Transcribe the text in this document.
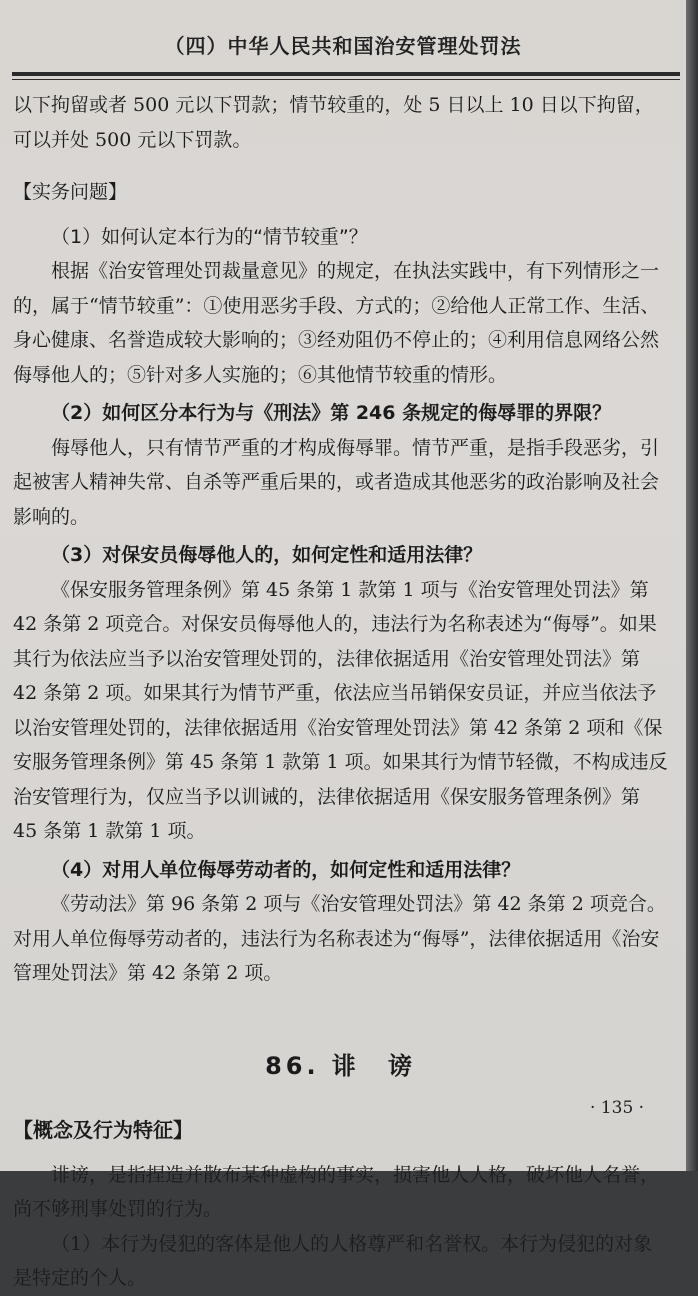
（四）中华人民共和国治安管理处罚法

以下拘留或者 500 元以下罚款；情节较重的，处 5 日以上 10 日以下拘留，可以并处 500 元以下罚款。

【实务问题】

（1）如何认定本行为的“情节较重”？

根据《治安管理处罚裁量意见》的规定，在执法实践中，有下列情形之一的，属于“情节较重”：①使用恶劣手段、方式的；②给他人正常工作、生活、身心健康、名誉造成较大影响的；③经劝阻仍不停止的；④利用信息网络公然侮辱他人的；⑤针对多人实施的；⑥其他情节较重的情形。

（2）如何区分本行为与《刑法》第 246 条规定的侮辱罪的界限？

侮辱他人，只有情节严重的才构成侮辱罪。情节严重，是指手段恶劣，引起被害人精神失常、自杀等严重后果的，或者造成其他恶劣的政治影响及社会影响的。

（3）对保安员侮辱他人的，如何定性和适用法律？

《保安服务管理条例》第 45 条第 1 款第 1 项与《治安管理处罚法》第 42 条第 2 项竞合。对保安员侮辱他人的，违法行为名称表述为“侮辱”。如果其行为依法应当予以治安管理处罚的，法律依据适用《治安管理处罚法》第 42 条第 2 项。如果其行为情节严重，依法应当吊销保安员证，并应当依法予以治安管理处罚的，法律依据适用《治安管理处罚法》第 42 条第 2 项和《保安服务管理条例》第 45 条第 1 款第 1 项。如果其行为情节轻微，不构成违反治安管理行为，仅应当予以训诫的，法律依据适用《保安服务管理条例》第 45 条第 1 款第 1 项。

（4）对用人单位侮辱劳动者的，如何定性和适用法律？

《劳动法》第 96 条第 2 项与《治安管理处罚法》第 42 条第 2 项竞合。对用人单位侮辱劳动者的，违法行为名称表述为“侮辱”，法律依据适用《治安管理处罚法》第 42 条第 2 项。

86. 诽　谤

【概念及行为特征】

诽谤，是指捏造并散布某种虚构的事实，损害他人人格，破坏他人名誉，尚不够刑事处罚的行为。

（1）本行为侵犯的客体是他人的人格尊严和名誉权。本行为侵犯的对象是特定的个人。

· 135 ·
